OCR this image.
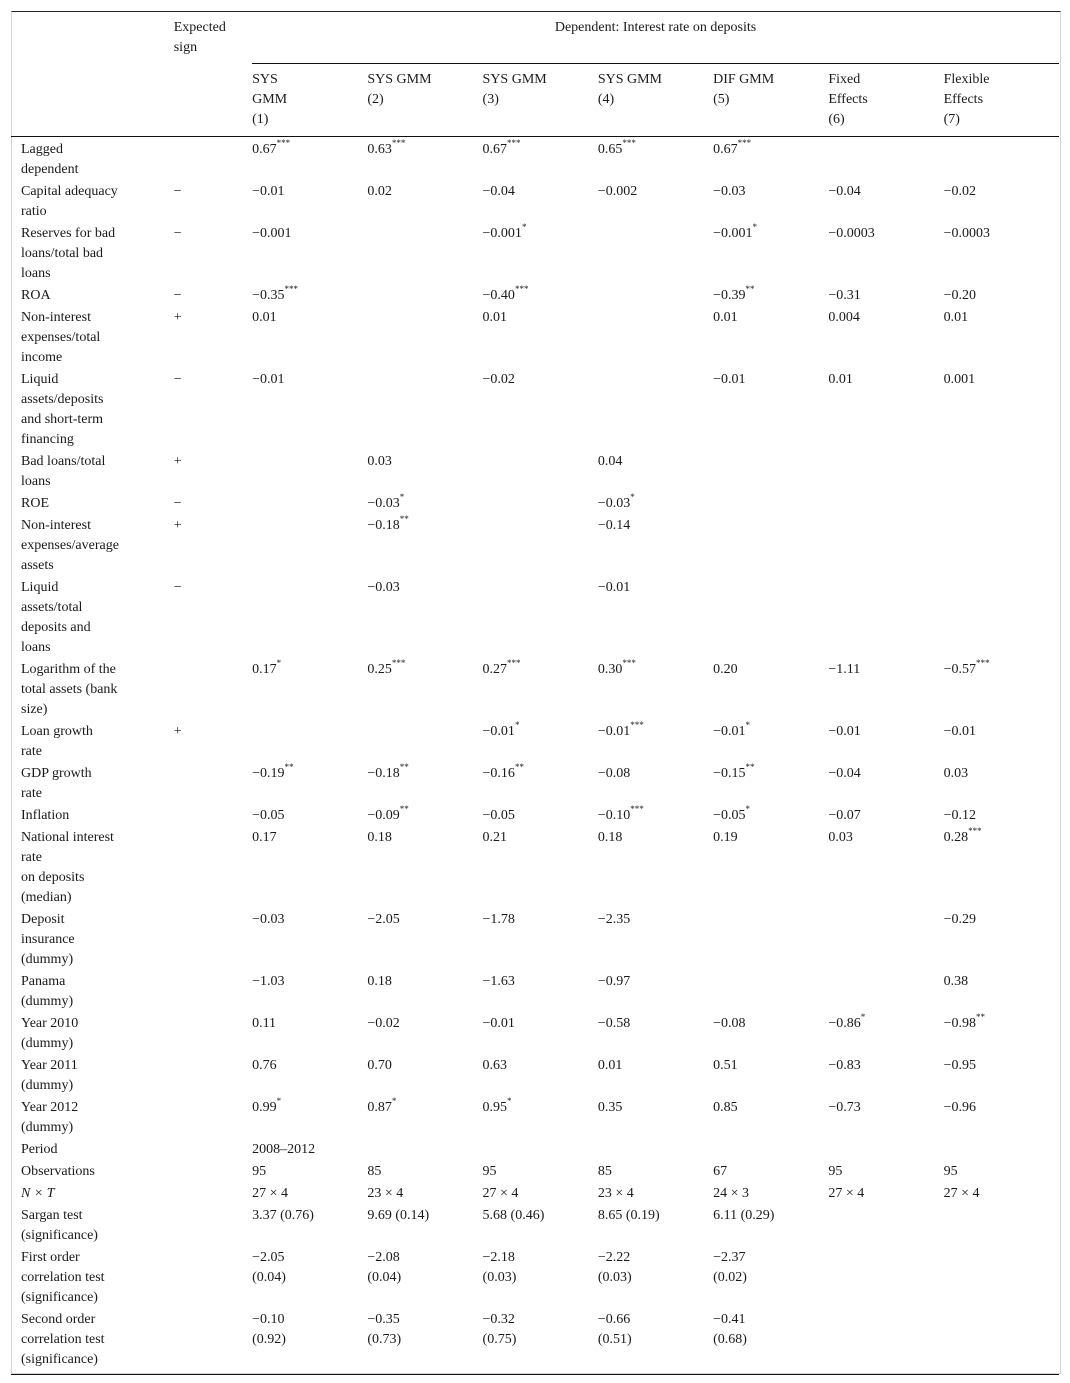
	Expected
sign	Dependent: Interest rate on deposits						
		SYS
GMM
(1)	SYS GMM
(2)	SYS GMM
(3)	SYS GMM
(4)	DIF GMM
(5)	Fixed
Effects
(6)	Flexible
Effects
(7)
Lagged
dependent		0.67***	0.63***	0.67***	0.65***	0.67***		
Capital adequacy
ratio	−	−0.01	0.02	−0.04	−0.002	−0.03	−0.04	−0.02
Reserves for bad
loans/total bad
loans	−	−0.001		−0.001*		−0.001*	−0.0003	−0.0003
ROA	−	−0.35***		−0.40***		−0.39**	−0.31	−0.20
Non-interest
expenses/total
income	+	0.01		0.01		0.01	0.004	0.01
Liquid
assets/deposits
and short-term
financing	−	−0.01		−0.02		−0.01	0.01	0.001
Bad loans/total
loans	+		0.03		0.04			
ROE	−		−0.03*		−0.03*			
Non-interest
expenses/average
assets	+		−0.18**		−0.14			
Liquid
assets/total
deposits and
loans	−		−0.03		−0.01			
Logarithm of the
total assets (bank
size)		0.17*	0.25***	0.27***	0.30***	0.20	−1.11	−0.57***
Loan growth
rate	+			−0.01*	−0.01***	−0.01*	−0.01	−0.01
GDP growth
rate		−0.19**	−0.18**	−0.16**	−0.08	−0.15**	−0.04	0.03
Inflation		−0.05	−0.09**	−0.05	−0.10***	−0.05*	−0.07	−0.12
National interest
rate
on deposits
(median)		0.17	0.18	0.21	0.18	0.19	0.03	0.28***
Deposit
insurance
(dummy)		−0.03	−2.05	−1.78	−2.35			−0.29
Panama
(dummy)		−1.03	0.18	−1.63	−0.97			0.38
Year 2010
(dummy)		0.11	−0.02	−0.01	−0.58	−0.08	−0.86*	−0.98**
Year 2011
(dummy)		0.76	0.70	0.63	0.01	0.51	−0.83	−0.95
Year 2012
(dummy)		0.99*	0.87*	0.95*	0.35	0.85	−0.73	−0.96
Period		2008–2012						
Observations		95	85	95	85	67	95	95
N × T		27 × 4	23 × 4	27 × 4	23 × 4	24 × 3	27 × 4	27 × 4
Sargan test
(significance)		3.37 (0.76)	9.69 (0.14)	5.68 (0.46)	8.65 (0.19)	6.11 (0.29)		
First order
correlation test
(significance)		−2.05
(0.04)	−2.08
(0.04)	−2.18
(0.03)	−2.22
(0.03)	−2.37
(0.02)		
Second order
correlation test
(significance)		−0.10
(0.92)	−0.35
(0.73)	−0.32
(0.75)	−0.66
(0.51)	−0.41
(0.68)		
